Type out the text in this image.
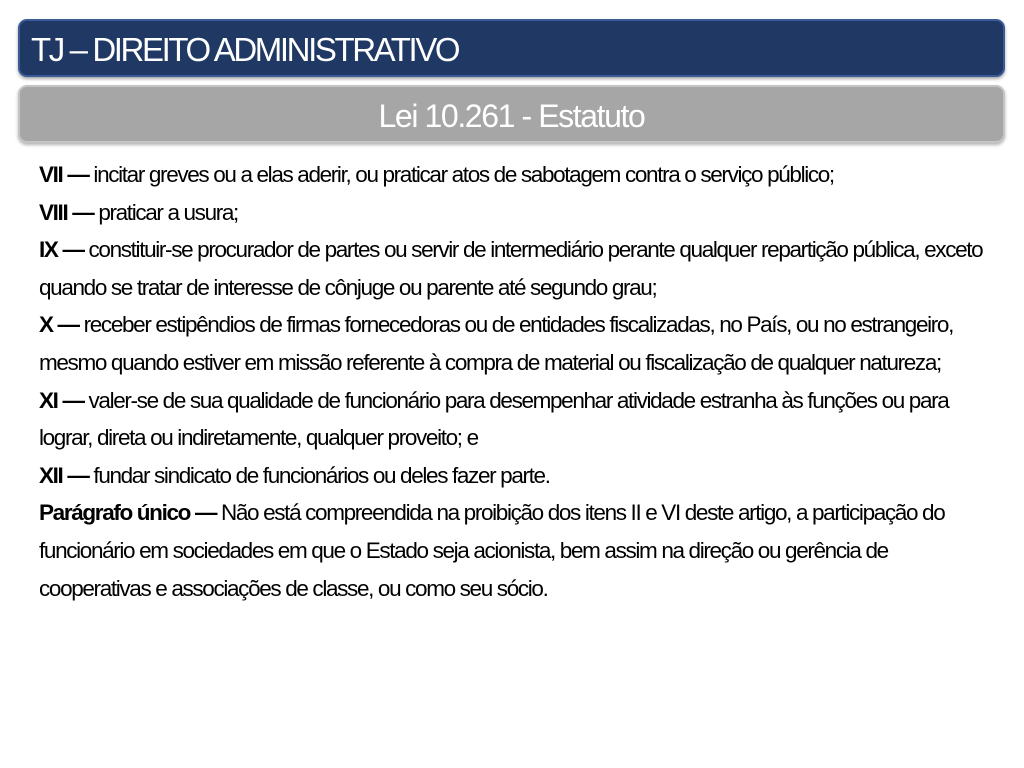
TJ – DIREITO ADMINISTRATIVO
Lei 10.261 - Estatuto

VII — incitar greves ou a elas aderir, ou praticar atos de sabotagem contra o serviço público;

VIII — praticar a usura;

IX — constituir-se procurador de partes ou servir de intermediário perante qualquer repartição pública, exceto quando se tratar de interesse de cônjuge ou parente até segundo grau;

X — receber estipêndios de firmas fornecedoras ou de entidades fiscalizadas, no País, ou no estrangeiro, mesmo quando estiver em missão referente à compra de material ou fiscalização de qualquer natureza;

XI — valer-se de sua qualidade de funcionário para desempenhar atividade estranha às funções ou para lograr, direta ou indiretamente, qualquer proveito; e

XII — fundar sindicato de funcionários ou deles fazer parte.

Parágrafo único — Não está compreendida na proibição dos itens II e VI deste artigo, a participação do funcionário em sociedades em que o Estado seja acionista, bem assim na direção ou gerência de cooperativas e associações de classe, ou como seu sócio.
